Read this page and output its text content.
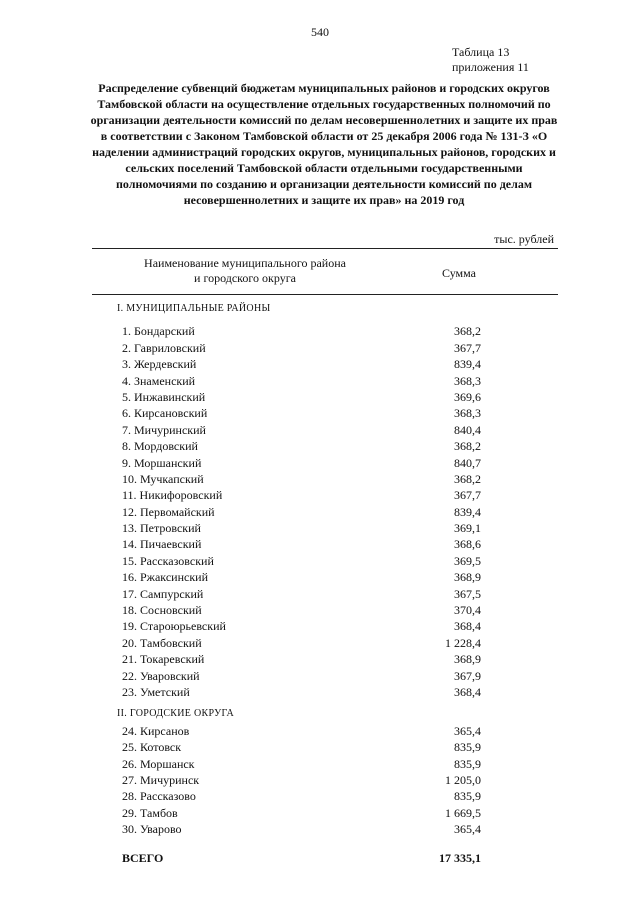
540
Таблица 13
приложения 11
Распределение субвенций бюджетам муниципальных районов и городских округов Тамбовской области на осуществление отдельных государственных полномочий по организации деятельности комиссий по делам несовершеннолетних и защите их прав в соответствии с Законом Тамбовской области от 25 декабря 2006 года № 131-З «О наделении администраций городских округов, муниципальных районов, городских и сельских поселений Тамбовской области отдельными государственными полномочиями по созданию и организации деятельности комиссий по делам несовершеннолетних и защите их прав» на 2019 год
тыс. рублей
Наименование муниципального района
и городского округа	Сумма
I. МУНИЦИПАЛЬНЫЕ РАЙОНЫ
1. Бондарский	368,2
2. Гавриловский	367,7
3. Жердевский	839,4
4. Знаменский	368,3
5. Инжавинский	369,6
6. Кирсановский	368,3
7. Мичуринский	840,4
8. Мордовский	368,2
9. Моршанский	840,7
10. Мучкапский	368,2
11. Никифоровский	367,7
12. Первомайский	839,4
13. Петровский	369,1
14. Пичаевский	368,6
15. Рассказовский	369,5
16. Ржаксинский	368,9
17. Сампурский	367,5
18. Сосновский	370,4
19. Староюрьевский	368,4
20. Тамбовский	1 228,4
21. Токаревский	368,9
22. Уваровский	367,9
23. Уметский	368,4
II. ГОРОДСКИЕ ОКРУГА
24. Кирсанов	365,4
25. Котовск	835,9
26. Моршанск	835,9
27. Мичуринск	1 205,0
28. Рассказово	835,9
29. Тамбов	1 669,5
30. Уварово	365,4
ВСЕГО	17 335,1
